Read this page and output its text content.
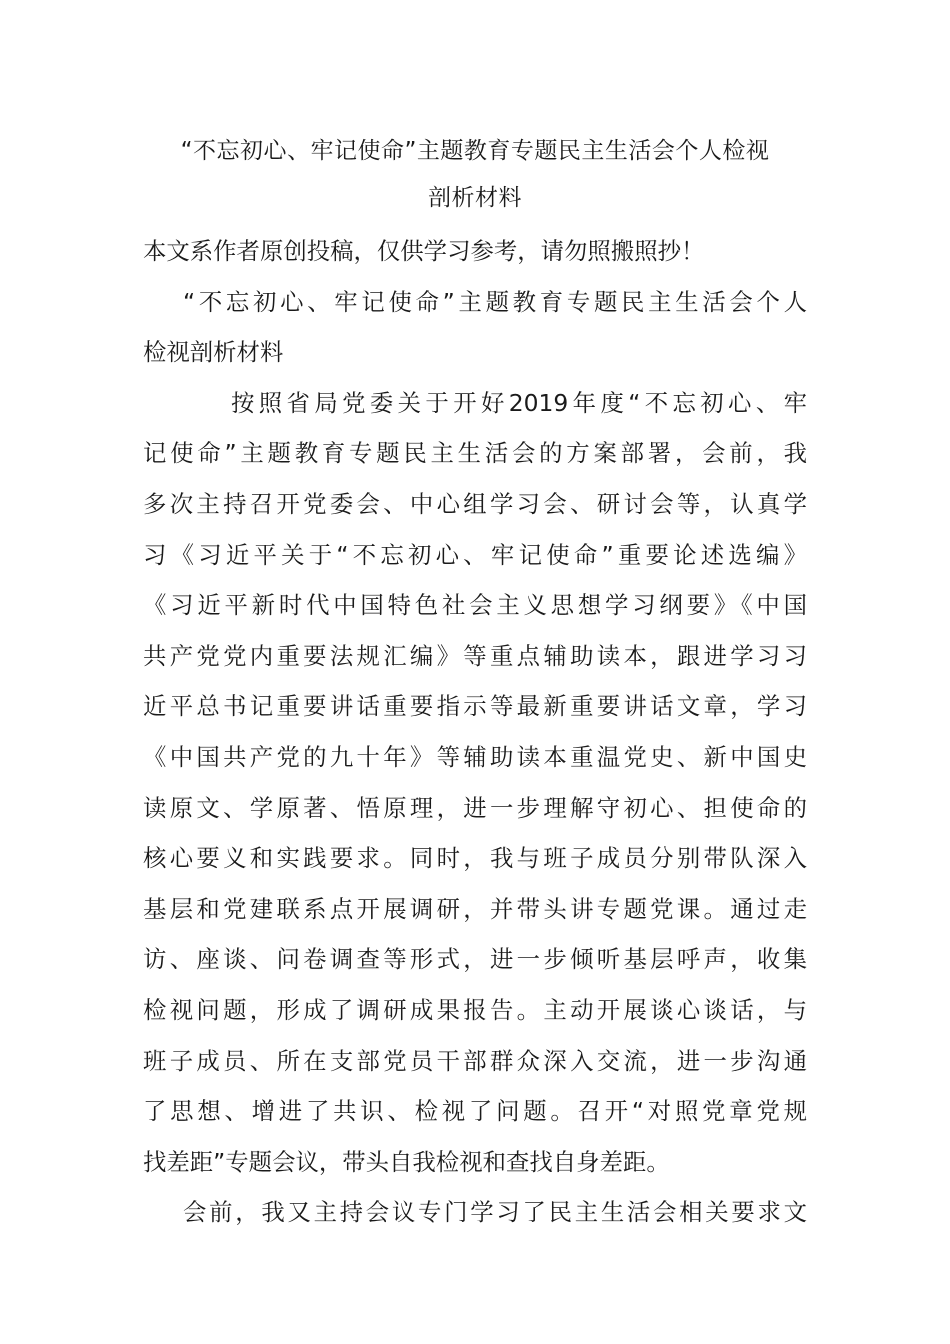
“不忘初心、牢记使命”主题教育专题民主生活会个人检视
剖析材料
本文系作者原创投稿，仅供学习参考，请勿照搬照抄！
“不忘初心、牢记使命”主题教育专题民主生活会个人
检视剖析材料
按照省局党委关于开好2019年度“不忘初心、牢
记使命”主题教育专题民主生活会的方案部署，会前，我
多次主持召开党委会、中心组学习会、研讨会等，认真学
习《习近平关于“不忘初心、牢记使命”重要论述选编》
《习近平新时代中国特色社会主义思想学习纲要》《中国
共产党党内重要法规汇编》等重点辅助读本，跟进学习习
近平总书记重要讲话重要指示等最新重要讲话文章，学习
《中国共产党的九十年》等辅助读本重温党史、新中国史
读原文、学原著、悟原理，进一步理解守初心、担使命的
核心要义和实践要求。同时，我与班子成员分别带队深入
基层和党建联系点开展调研，并带头讲专题党课。通过走
访、座谈、问卷调查等形式，进一步倾听基层呼声，收集
检视问题，形成了调研成果报告。主动开展谈心谈话，与
班子成员、所在支部党员干部群众深入交流，进一步沟通
了思想、增进了共识、检视了问题。召开“对照党章党规
找差距”专题会议，带头自我检视和查找自身差距。
会前，我又主持会议专门学习了民主生活会相关要求文
